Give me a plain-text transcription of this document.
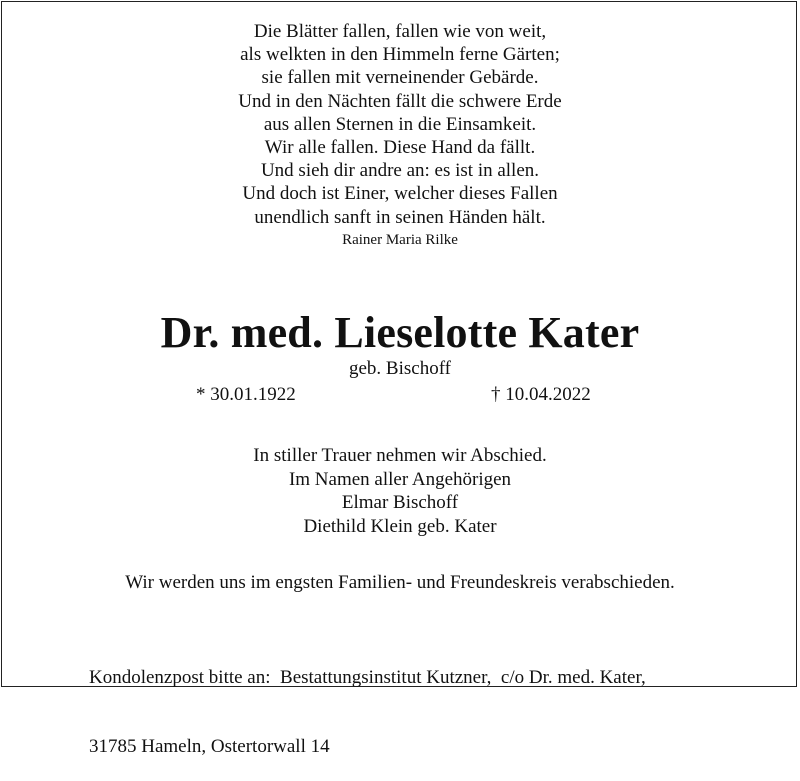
Die Blätter fallen, fallen wie von weit,
als welkten in den Himmeln ferne Gärten;
sie fallen mit verneinender Gebärde.
Und in den Nächten fällt die schwere Erde
aus allen Sternen in die Einsamkeit.
Wir alle fallen. Diese Hand da fällt.
Und sieh dir andre an: es ist in allen.
Und doch ist Einer, welcher dieses Fallen
unendlich sanft in seinen Händen hält.
Rainer Maria Rilke
Dr. med. Lieselotte Kater
geb. Bischoff
* 30.01.1922	† 10.04.2022
In stiller Trauer nehmen wir Abschied.
Im Namen aller Angehörigen
Elmar Bischoff
Diethild Klein geb. Kater
Wir werden uns im engsten Familien- und Freundeskreis verabschieden.

Kondolenzpost bitte an:  Bestattungsinstitut Kutzner,  c/o Dr. med. Kater,

31785 Hameln, Ostertorwall 14
